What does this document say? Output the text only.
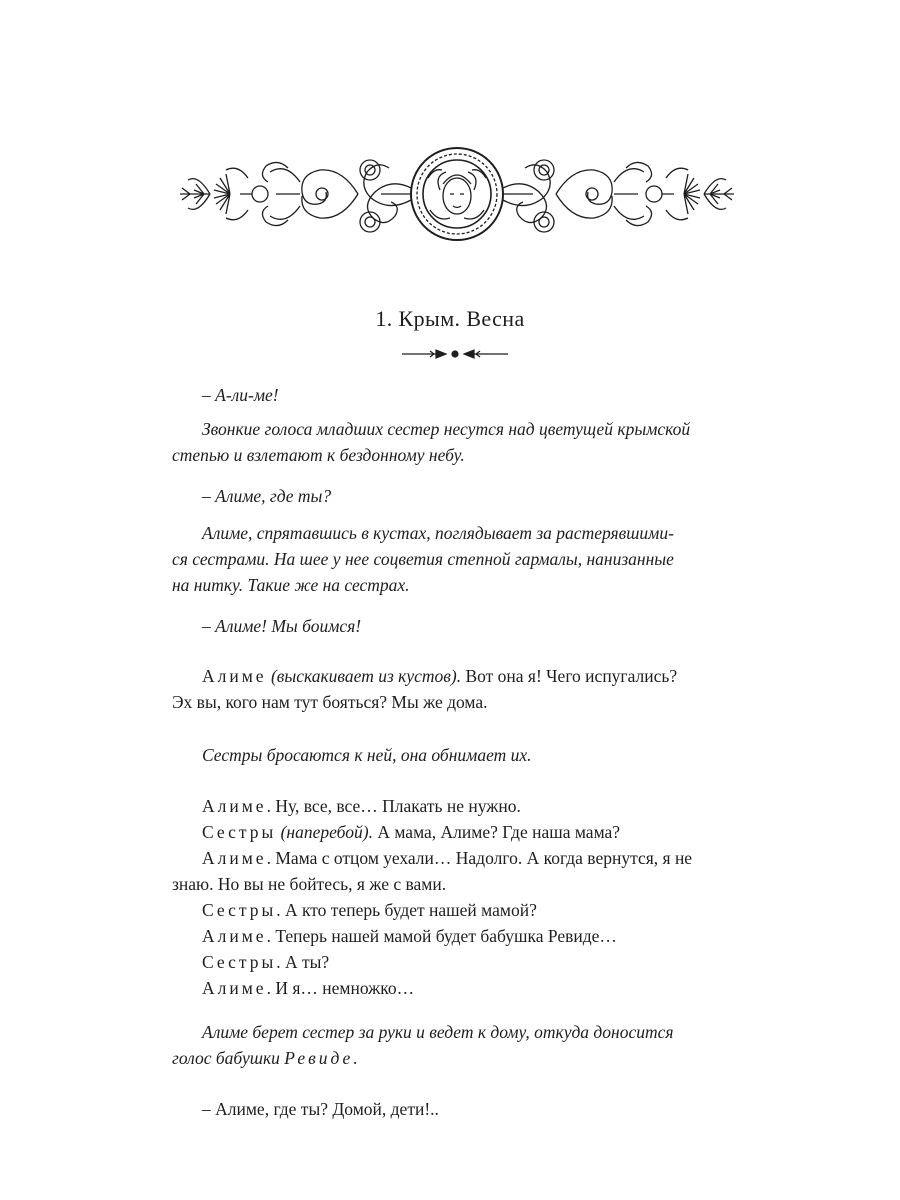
1. Крым. Весна

– А-ли-ме!

Звонкие голоса младших сестер несутся над цветущей крымской
степью и взлетают к бездонному небу.

– Алиме, где ты?

Алиме, спрятавшись в кустах, поглядывает за растерявшими-
ся сестрами. На шее у нее соцветия степной гармалы, нанизанные
на нитку. Такие же на сестрах.

– Алиме! Мы боимся!

Алиме (выскакивает из кустов). Вот она я! Чего испугались?
Эх вы, кого нам тут бояться? Мы же дома.

Сестры бросаются к ней, она обнимает их.

Алиме. Ну, все, все… Плакать не нужно.

Сестры (наперебой). А мама, Алиме? Где наша мама?

Алиме. Мама с отцом уехали… Надолго. А когда вернутся, я не
знаю. Но вы не бойтесь, я же с вами.

Сестры. А кто теперь будет нашей мамой?

Алиме. Теперь нашей мамой будет бабушка Ревиде…

Сестры. А ты?

Алиме. И я… немножко…

Алиме берет сестер за руки и ведет к дому, откуда доносится
голос бабушки Ревиде.

– Алиме, где ты? Домой, дети!..
